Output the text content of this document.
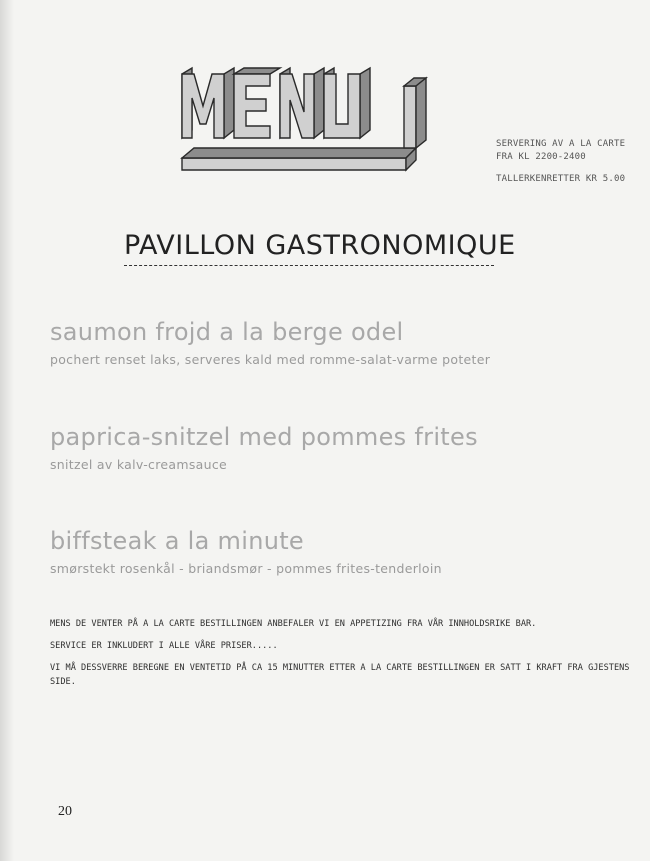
SERVERING AV A LA CARTE
FRA KL 2200-2400
TALLERKENRETTER KR 5.00
PAVILLON GASTRONOMIQUE
saumon frojd a la berge odel
pochert renset laks, serveres kald med romme-salat-varme poteter
paprica-snitzel med pommes frites
snitzel av kalv-creamsauce
biffsteak a la minute
smørstekt rosenkål - briandsmør - pommes frites-tenderloin

MENS DE VENTER PÅ A LA CARTE BESTILLINGEN ANBEFALER VI EN APPETIZING FRA VÅR INNHOLDSRIKE BAR.

SERVICE ER INKLUDERT I ALLE VÅRE PRISER.....

VI MÅ DESSVERRE BEREGNE EN VENTETID PÅ CA 15 MINUTTER ETTER A LA CARTE BESTILLINGEN ER SATT I KRAFT FRA GJESTENS SIDE.

20
